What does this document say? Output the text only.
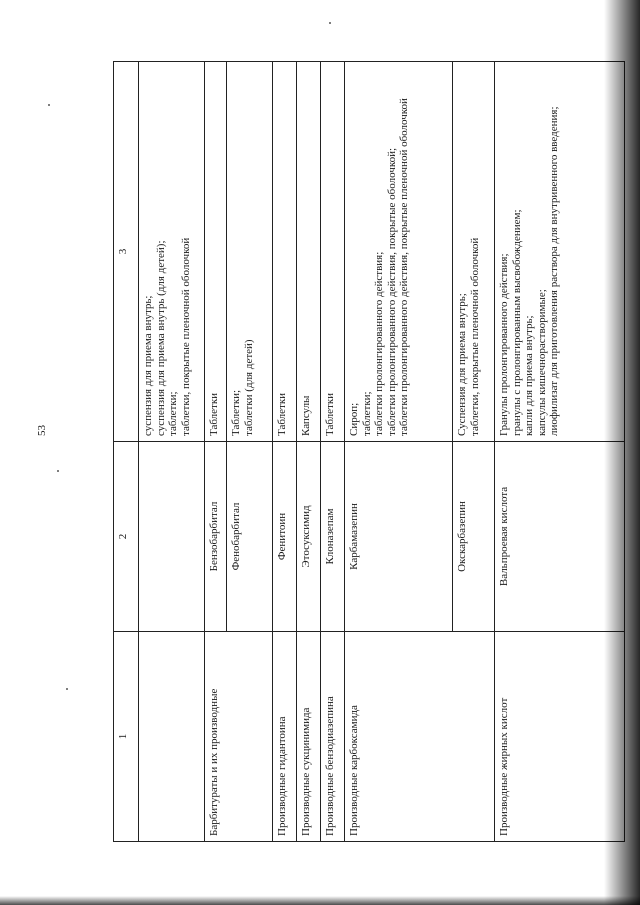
53
1	2	3

		суспензия для приема внутрь; суспензия для приема внутрь (для детей); таблетки; таблетки, покрытые пленочной оболочкой

Барбитураты и их производные	Бензобарбитал	Таблетки

	Фенобарбитал	Таблетки; таблетки (для детей)

Производные гидантоина	Фенитоин	Таблетки

Производные сукцинимида	Этосуксимид	Капсулы

Производные бензодиазепина	Клоназепам	Таблетки

Производные карбоксамида	Карбамазепин	Сироп; таблетки; таблетки пролонгированного действия; таблетки пролонгированного действия, покрытые оболочкой; таблетки пролонгированного действия, покрытые пленочной оболочкой

	Окскарбазепин	Суспензия для приема внутрь; таблетки, покрытые пленочной оболочкой

Производные жирных кислот	Вальпроевая кислота	Гранулы пролонгированного действия; гранулы с пролонгированным высвобождением; капли для приема внутрь; капсулы кишечнорастворимые; лиофилизат для приготовления раствора для внутривенного введения;
